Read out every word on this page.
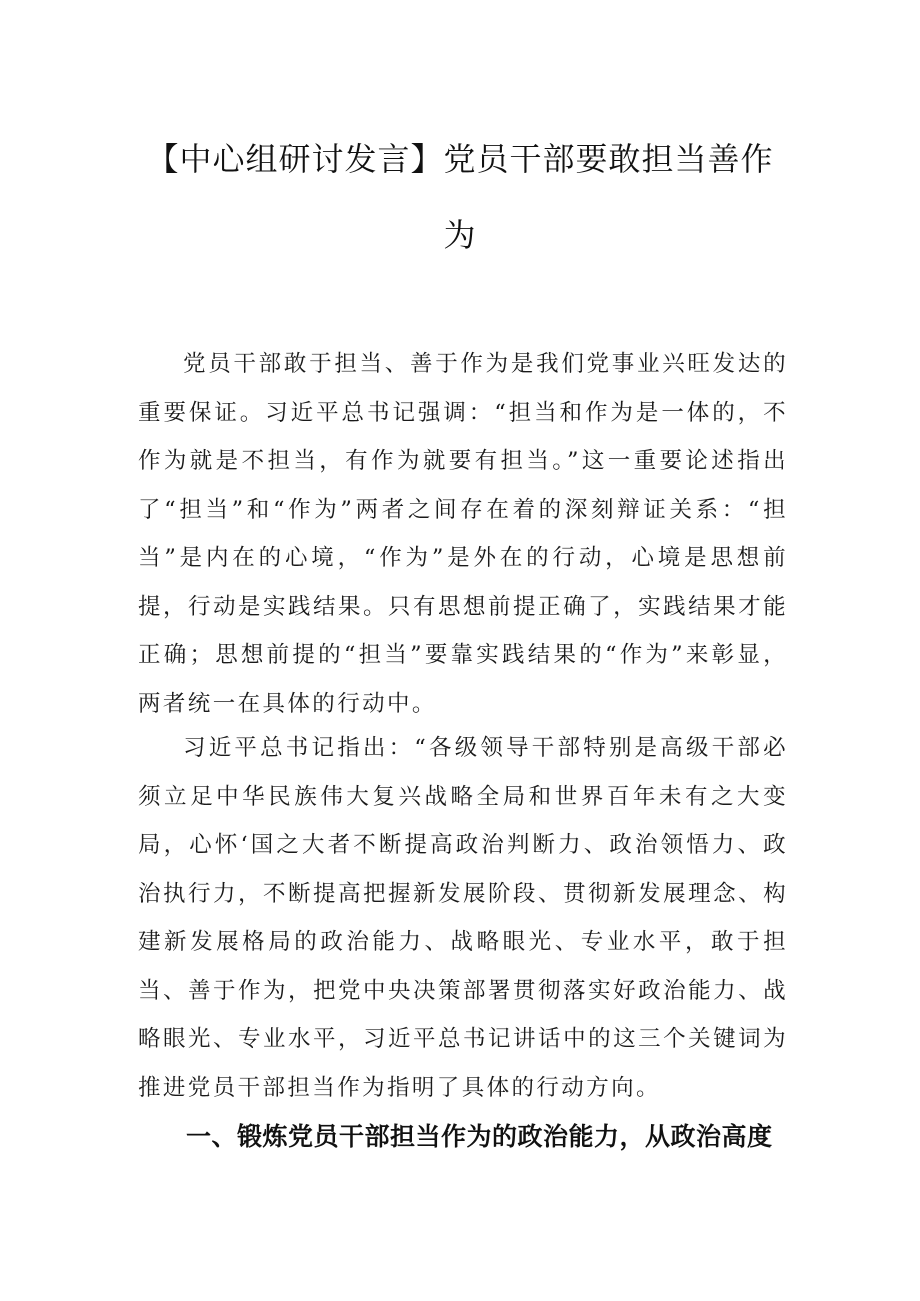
【中心组研讨发言】党员干部要敢担当善作
为

党员干部敢于担当、善于作为是我们党事业兴旺发达的重要保证。习近平总书记强调：“担当和作为是一体的，不作为就是不担当，有作为就要有担当。”这一重要论述指出了“担当”和“作为”两者之间存在着的深刻辩证关系：“担当”是内在的心境，“作为”是外在的行动，心境是思想前提，行动是实践结果。只有思想前提正确了，实践结果才能正确；思想前提的“担当”要靠实践结果的“作为”来彰显，两者统一在具体的行动中。

习近平总书记指出：“各级领导干部特别是高级干部必须立足中华民族伟大复兴战略全局和世界百年未有之大变局，心怀‘国之大者不断提高政治判断力、政治领悟力、政治执行力，不断提高把握新发展阶段、贯彻新发展理念、构建新发展格局的政治能力、战略眼光、专业水平，敢于担当、善于作为，把党中央决策部署贯彻落实好政治能力、战略眼光、专业水平，习近平总书记讲话中的这三个关键词为推进党员干部担当作为指明了具体的行动方向。

一、锻炼党员干部担当作为的政治能力，从政治高度
